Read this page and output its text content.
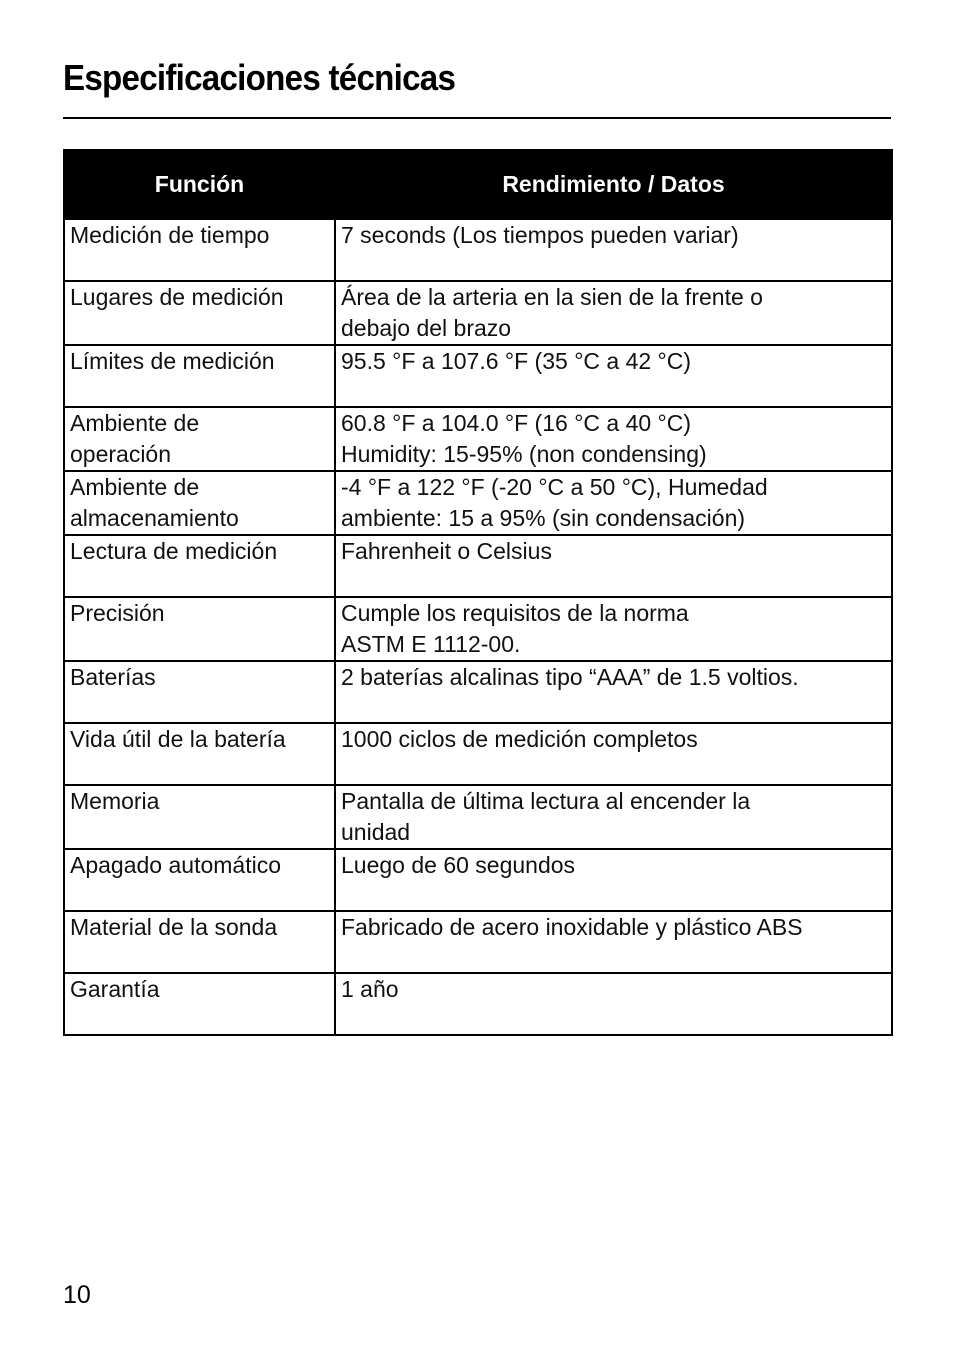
Especificaciones técnicas
Función	Rendimiento / Datos

Medición de tiempo	7 seconds (Los tiempos pueden variar)

Lugares de medición	Área de la arteria en la sien de la frente o
debajo del brazo

Límites de medición	95.5 °F a 107.6 °F (35 °C a 42 °C)

Ambiente de
operación	60.8 °F a 104.0 °F (16 °C a 40 °C)
Humidity: 15-95% (non condensing)

Ambiente de
almacenamiento	-4 °F a 122 °F (-20 °C a 50 °C), Humedad
ambiente: 15 a 95% (sin condensación)

Lectura de medición	Fahrenheit o Celsius

Precisión	Cumple los requisitos de la norma
ASTM E 1112-00.

Baterías	2 baterías alcalinas tipo “AAA” de 1.5 voltios.

Vida útil de la batería	1000 ciclos de medición completos

Memoria	Pantalla de última lectura al encender la
unidad

Apagado automático	Luego de 60 segundos

Material de la sonda	Fabricado de acero inoxidable y plástico ABS

Garantía	1 año
10
